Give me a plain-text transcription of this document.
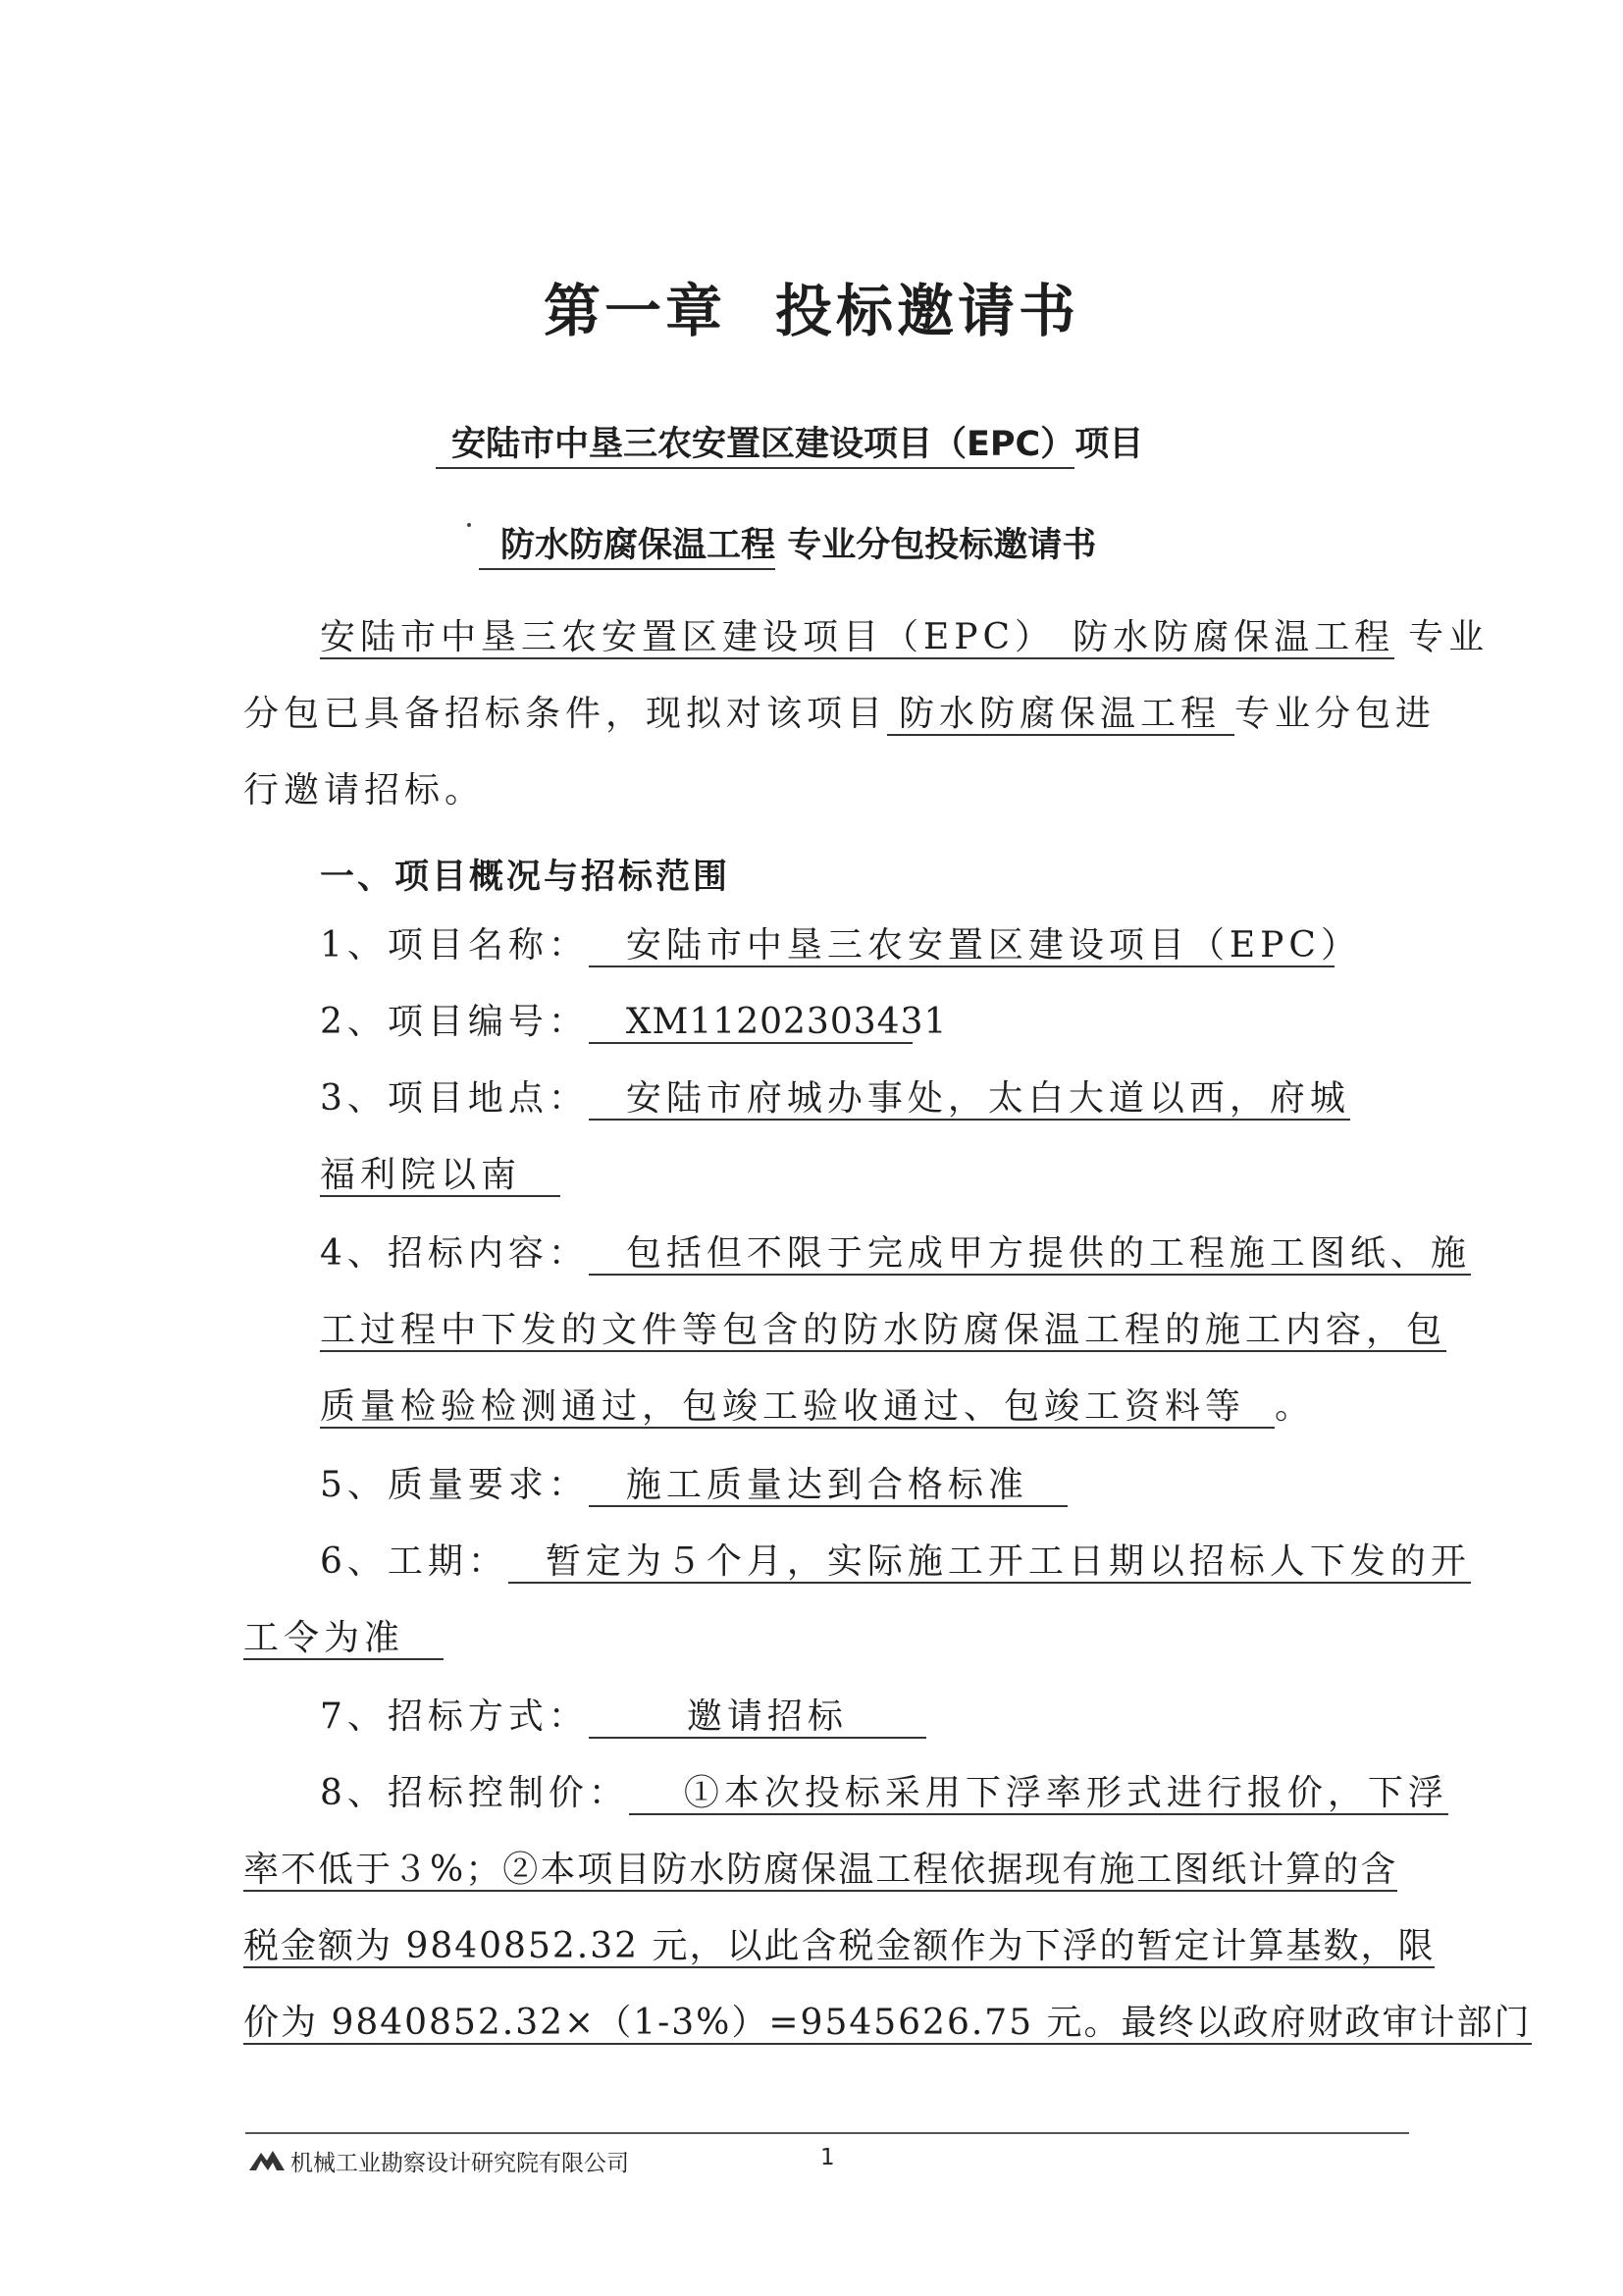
第一章 投标邀请书
安陆市中垦三农安置区建设项目（EPC）项目
防水防腐保温工程 专业分包投标邀请书
安陆市中垦三农安置区建设项目（EPC） 防水防腐保温工程 专业
分包已具备招标条件，现拟对该项目 防水防腐保温工程 专业分包进
行邀请招标。
一、项目概况与招标范围
1、项目名称： 安陆市中垦三农安置区建设项目（EPC）
2、项目编号： XM11202303431
3、项目地点： 安陆市府城办事处，太白大道以西，府城
福利院以南
4、招标内容： 包括但不限于完成甲方提供的工程施工图纸、施
工过程中下发的文件等包含的防水防腐保温工程的施工内容，包
质量检验检测通过，包竣工验收通过、包竣工资料等 。
5、质量要求： 施工质量达到合格标准
6、工期： 暂定为５个月，实际施工开工日期以招标人下发的开
工令为准
7、招标方式：	邀请招标
8、招标控制价： ①本次投标采用下浮率形式进行报价，下浮
率不低于３%；②本项目防水防腐保温工程依据现有施工图纸计算的含
税金额为 9840852.32 元，以此含税金额作为下浮的暂定计算基数，限
价为 9840852.32×（1-3%）=9545626.75 元。最终以政府财政审计部门
机械工业勘察设计研究院有限公司	1
